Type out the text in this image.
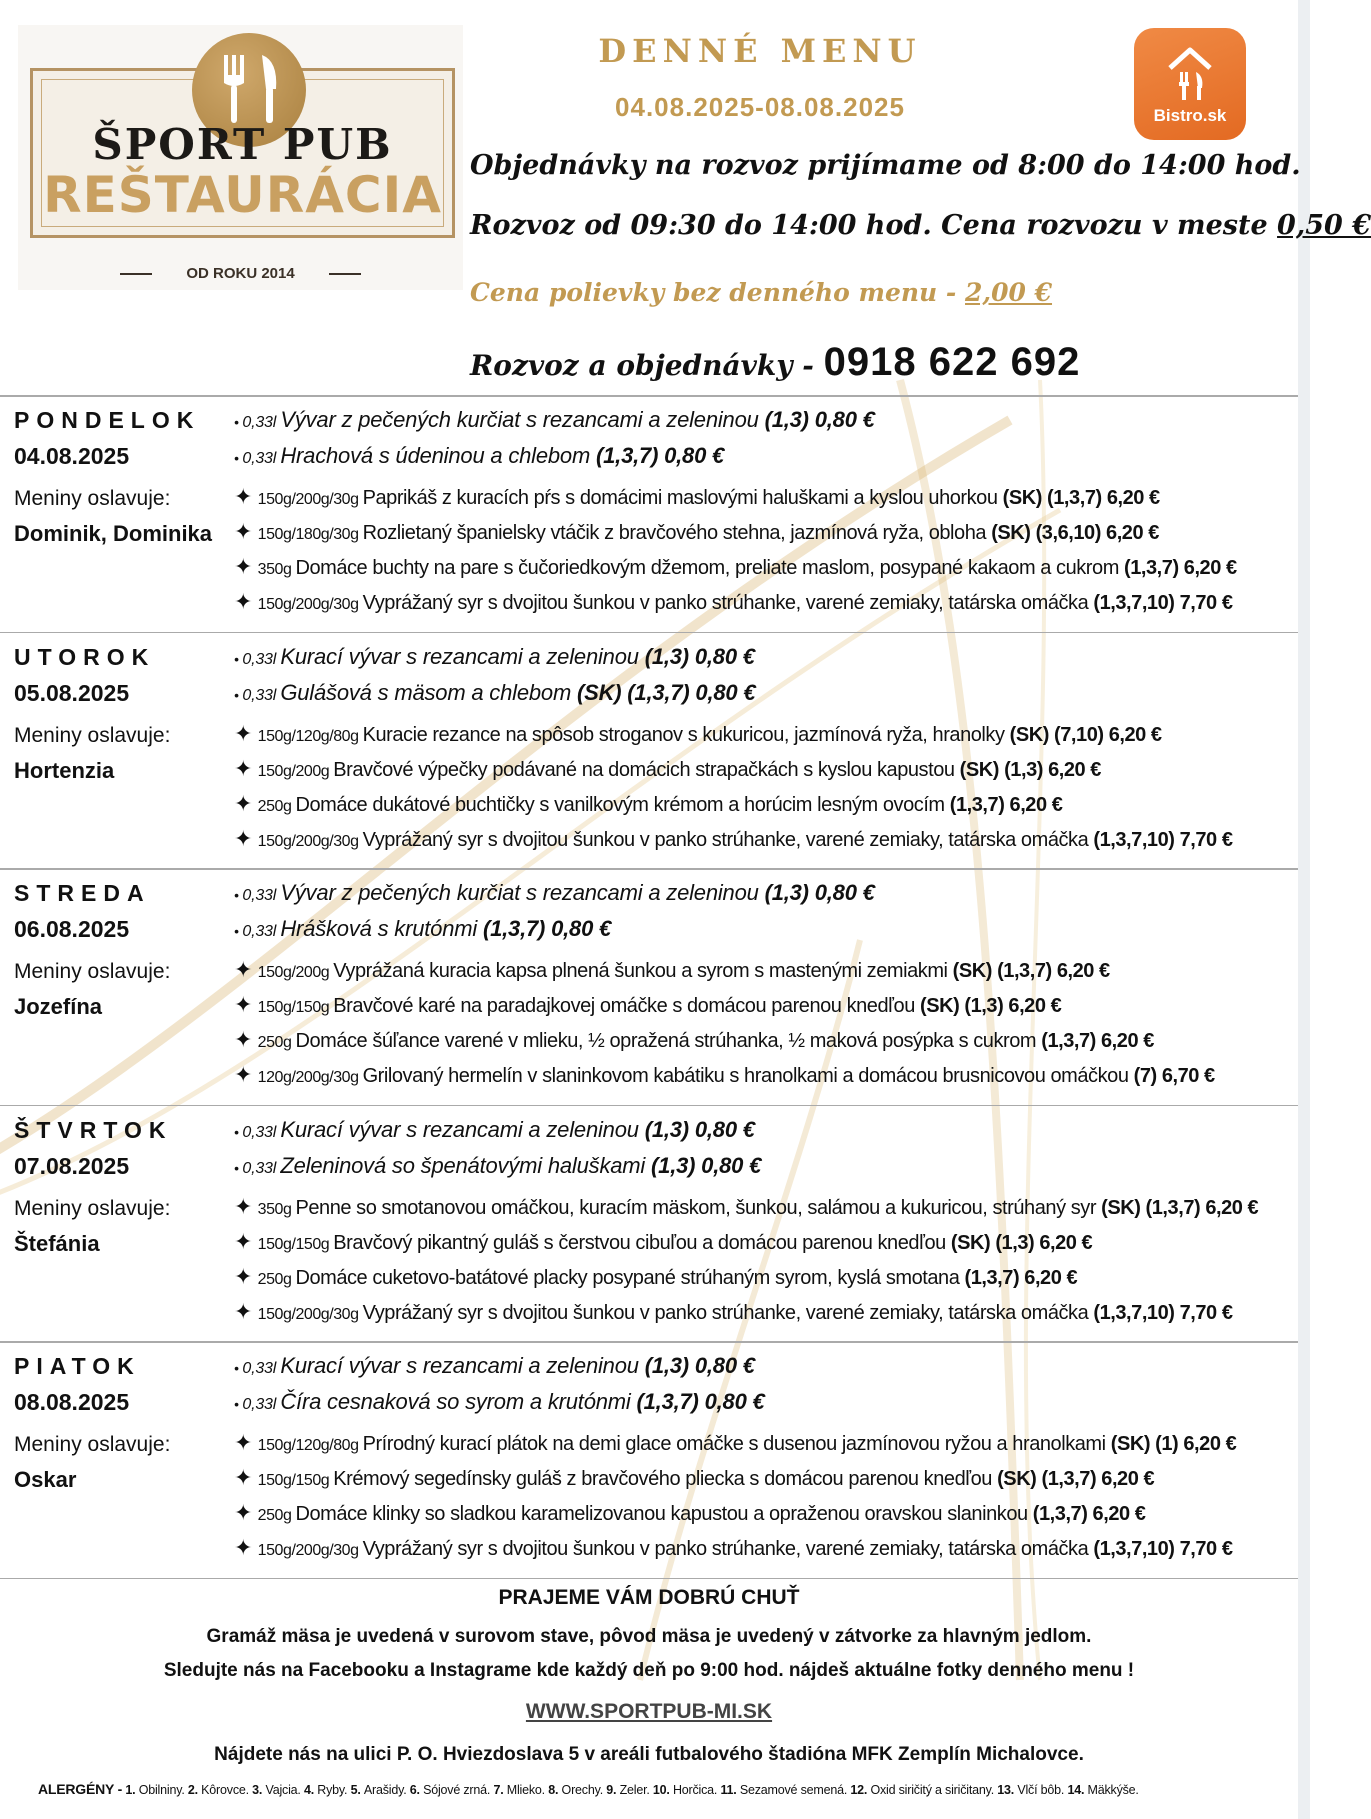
ŠPORT PUB
REŠTAURÁCIA
OD ROKU 2014
DENNÉ MENU
04.08.2025-08.08.2025	Bistro.sk
Objednávky na rozvoz prijímame od 8:00 do 14:00 hod.
Rozvoz od 09:30 do 14:00 hod. Cena rozvozu v meste 0,50 €
Cena polievky bez denného menu - 2,00 €
Rozvoz a objednávky - 0918 622 692
PONDELOK
04.08.2025
Meniny oslavuje:
Dominik, Dominika
• 0,33l Vývar z pečených kurčiat s rezancami a zeleninou (1,3) 0,80 €
• 0,33l Hrachová s údeninou a chlebom (1,3,7) 0,80 €
✦ 150g/200g/30g Paprikáš z kuracích pŕs s domácimi maslovými haluškami a kyslou uhorkou (SK) (1,3,7) 6,20 €
✦ 150g/180g/30g Rozlietaný španielsky vtáčik z bravčového stehna, jazmínová ryža, obloha (SK) (3,6,10) 6,20 €
✦ 350g Domáce buchty na pare s čučoriedkovým džemom, preliate maslom, posypané kakaom a cukrom (1,3,7) 6,20 €
✦ 150g/200g/30g Vyprážaný syr s dvojitou šunkou v panko strúhanke, varené zemiaky, tatárska omáčka (1,3,7,10) 7,70 €
UTOROK
05.08.2025
Meniny oslavuje:
Hortenzia
• 0,33l Kurací vývar s rezancami a zeleninou (1,3) 0,80 €
• 0,33l Gulášová s mäsom a chlebom (SK) (1,3,7) 0,80 €
✦ 150g/120g/80g Kuracie rezance na spôsob stroganov s kukuricou, jazmínová ryža, hranolky (SK) (7,10) 6,20 €
✦ 150g/200g Bravčové výpečky podávané na domácich strapačkách s kyslou kapustou (SK) (1,3) 6,20 €
✦ 250g Domáce dukátové buchtičky s vanilkovým krémom a horúcim lesným ovocím (1,3,7) 6,20 €
✦ 150g/200g/30g Vyprážaný syr s dvojitou šunkou v panko strúhanke, varené zemiaky, tatárska omáčka (1,3,7,10) 7,70 €
STREDA
06.08.2025
Meniny oslavuje:
Jozefína
• 0,33l Vývar z pečených kurčiat s rezancami a zeleninou (1,3) 0,80 €
• 0,33l Hrášková s krutónmi (1,3,7) 0,80 €
✦ 150g/200g Vyprážaná kuracia kapsa plnená šunkou a syrom s mastenými zemiakmi (SK) (1,3,7) 6,20 €
✦ 150g/150g Bravčové karé na paradajkovej omáčke s domácou parenou knedľou (SK) (1,3) 6,20 €
✦ 250g Domáce šúľance varené v mlieku, ½ opražená strúhanka, ½ maková posýpka s cukrom (1,3,7) 6,20 €
✦ 120g/200g/30g Grilovaný hermelín v slaninkovom kabátiku s hranolkami a domácou brusnicovou omáčkou (7) 6,70 €
ŠTVRTOK
07.08.2025
Meniny oslavuje:
Štefánia
• 0,33l Kurací vývar s rezancami a zeleninou (1,3) 0,80 €
• 0,33l Zeleninová so špenátovými haluškami (1,3) 0,80 €
✦ 350g Penne so smotanovou omáčkou, kuracím mäskom, šunkou, salámou a kukuricou, strúhaný syr (SK) (1,3,7) 6,20 €
✦ 150g/150g Bravčový pikantný guláš s čerstvou cibuľou a domácou parenou knedľou (SK) (1,3) 6,20 €
✦ 250g Domáce cuketovo-batátové placky posypané strúhaným syrom, kyslá smotana (1,3,7) 6,20 €
✦ 150g/200g/30g Vyprážaný syr s dvojitou šunkou v panko strúhanke, varené zemiaky, tatárska omáčka (1,3,7,10) 7,70 €
PIATOK
08.08.2025
Meniny oslavuje:
Oskar
• 0,33l Kurací vývar s rezancami a zeleninou (1,3) 0,80 €
• 0,33l Číra cesnaková so syrom a krutónmi (1,3,7) 0,80 €
✦ 150g/120g/80g Prírodný kurací plátok na demi glace omáčke s dusenou jazmínovou ryžou a hranolkami (SK) (1) 6,20 €
✦ 150g/150g Krémový segedínsky guláš z bravčového pliecka s domácou parenou knedľou (SK) (1,3,7) 6,20 €
✦ 250g Domáce klinky so sladkou karamelizovanou kapustou a opraženou oravskou slaninkou (1,3,7) 6,20 €
✦ 150g/200g/30g Vyprážaný syr s dvojitou šunkou v panko strúhanke, varené zemiaky, tatárska omáčka (1,3,7,10) 7,70 €
PRAJEME VÁM DOBRÚ CHUŤ
Gramáž mäsa je uvedená v surovom stave, pôvod mäsa je uvedený v zátvorke za hlavným jedlom.
Sledujte nás na Facebooku a Instagrame kde každý deň po 9:00 hod. nájdeš aktuálne fotky denného menu !
WWW.SPORTPUB-MI.SK
Nájdete nás na ulici P. O. Hviezdoslava 5 v areáli futbalového štadióna MFK Zemplín Michalovce.
ALERGÉNY - 1. Obilniny. 2. Kôrovce. 3. Vajcia. 4. Ryby. 5. Arašidy. 6. Sójové zrná. 7. Mlieko. 8. Orechy. 9. Zeler. 10. Horčica. 11. Sezamové semená. 12. Oxid siričitý a siričitany. 13. Vlčí bôb. 14. Mäkkýše.
